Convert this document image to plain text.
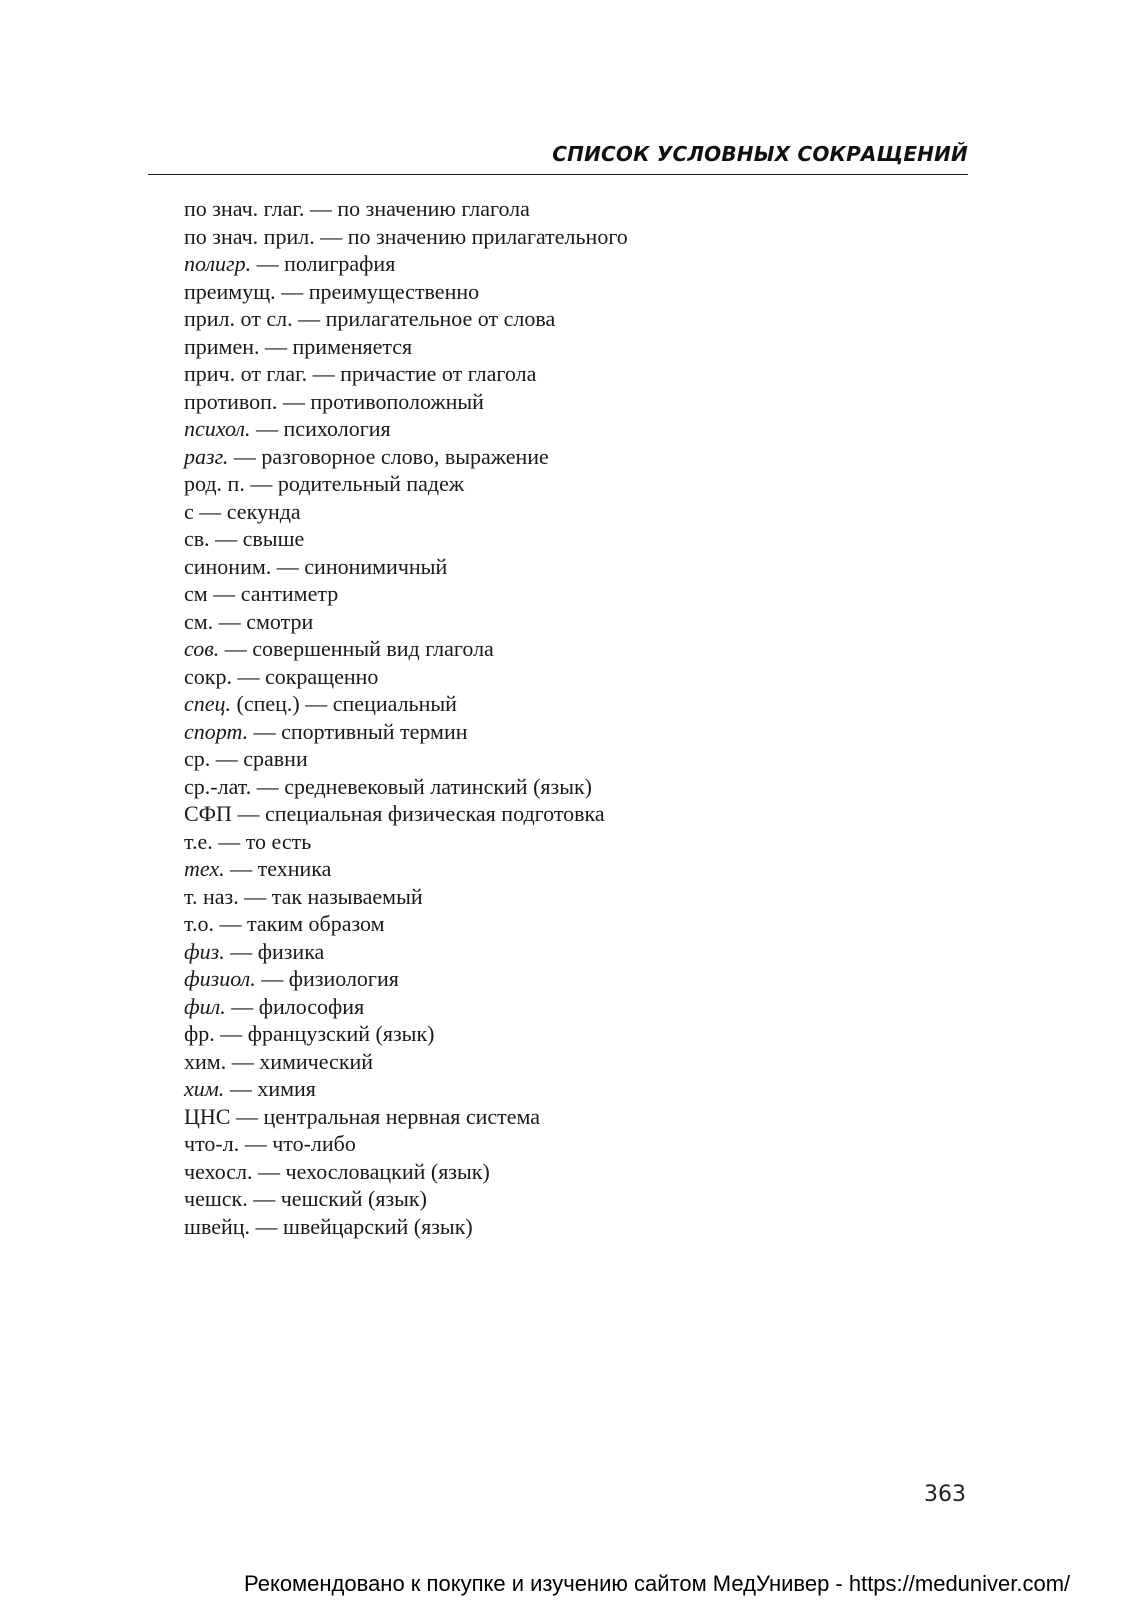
СПИСОК УСЛОВНЫХ СОКРАЩЕНИЙ
по знач. глаг. — по значению глагола
по знач. прил. — по значению прилагательного
полигр. — полиграфия
преимущ. — преимущественно
прил. от сл. — прилагательное от слова
примен. — применяется
прич. от глаг. — причастие от глагола
противоп. — противоположный
психол. — психология
разг. — разговорное слово, выражение
род. п. — родительный падеж
с — секунда
св. — свыше
синоним. — синонимичный
см — сантиметр
см. — смотри
сов. — совершенный вид глагола
сокр. — сокращенно
спец. (спец.) — специальный
спорт. — спортивный термин
ср. — сравни
ср.-лат. — средневековый латинский (язык)
СФП — специальная физическая подготовка
т.е. — то есть
тех. — техника
т. наз. — так называемый
т.о. — таким образом
физ. — физика
физиол. — физиология
фил. — философия
фр. — французский (язык)
хим. — химический
хим. — химия
ЦНС — центральная нервная система
что-л. — что-либо
чехосл. — чехословацкий (язык)
чешск. — чешский (язык)
швейц. — швейцарский (язык)
363
Рекомендовано к покупке и изучению сайтом МедУнивер - https://meduniver.com/
